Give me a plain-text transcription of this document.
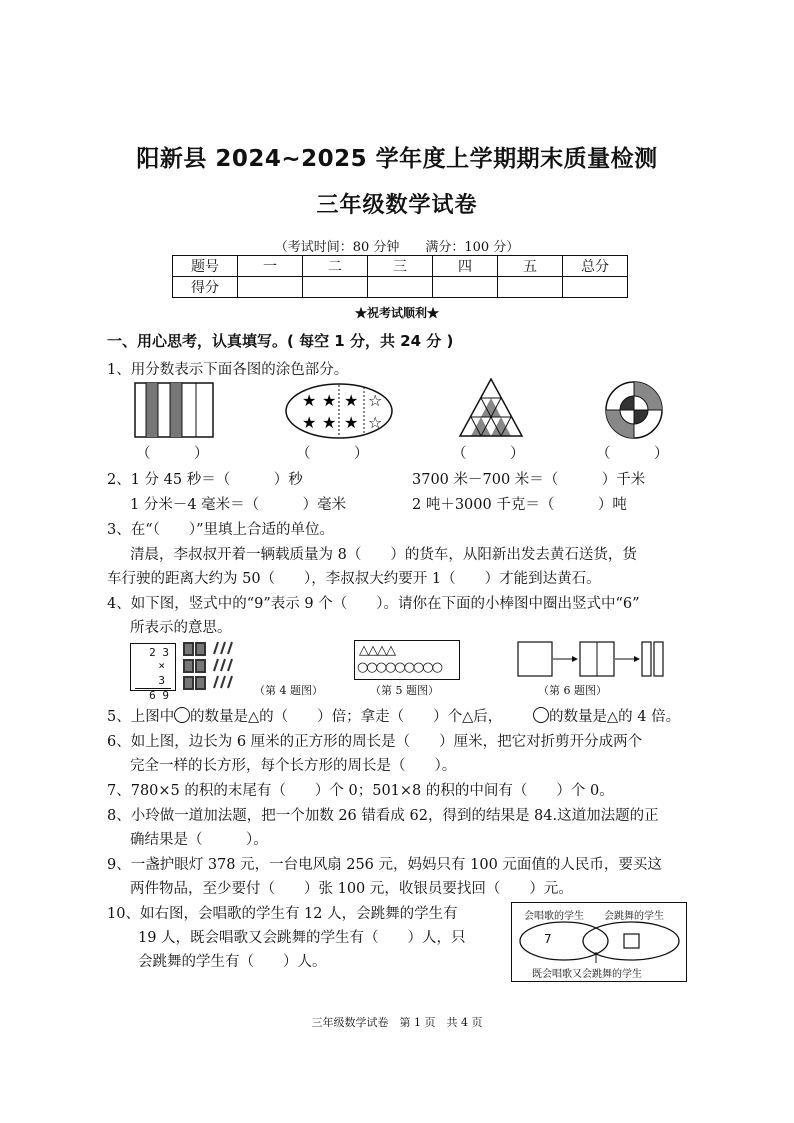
阳新县 2024~2025 学年度上学期期末质量检测
三年级数学试卷
（考试时间：80 分钟　　满分：100 分）
题号	一	二	三	四	五	总分
得分						
★祝考试顺利★
一、用心思考，认真填写。( 每空 1 分，共 24 分 )
1、用分数表示下面各图的涂色部分。
★ ★ ★ ☆
★ ★ ★ ☆
（　　　）	（　　　）	（　　　）	（　　　）
2、1 分 45 秒＝（　　　）秒	3700 米－700 米＝（　　　）千米
1 分米－4 毫米＝（　　　）毫米	2 吨＋3000 千克＝（　　　）吨
3、在“（　　）”里填上合适的单位。
清晨，李叔叔开着一辆载质量为 8（　　）的货车，从阳新出发去黄石送货，货
车行驶的距离大约为 50（　　），李叔叔大约要开 1（　　）才能到达黄石。
4、如下图，竖式中的“9”表示 9 个（　　）。请你在下面的小棒图中圈出竖式中“6”
所表示的意思。
2 3
× 　3
6 9	（第 4 题图）
△△△△
○○○○○○○○○
（第 5 题图）	（第 6 题图）
5、上图中 的数量是△的（　　）倍；拿走（　　）个△后，	的数量是△的 4 倍。
6、如上图，边长为 6 厘米的正方形的周长是（　　）厘米，把它对折剪开分成两个
完全一样的长方形，每个长方形的周长是（　　）。
7、780×5 的积的末尾有（　　）个 0；501×8 的积的中间有（　　）个 0。
8、小玲做一道加法题，把一个加数 26 错看成 62，得到的结果是 84.这道加法题的正
确结果是（　　　）。
9、一盏护眼灯 378 元，一台电风扇 256 元，妈妈只有 100 元面值的人民币，要买这
两件物品，至少要付（　　）张 100 元，收银员要找回（　　）元。
10、如右图，会唱歌的学生有 12 人，会跳舞的学生有
19 人，既会唱歌又会跳舞的学生有（　　）人，只
会跳舞的学生有（　　）人。
会唱歌的学生 会跳舞的学生
7
既会唱歌又会跳舞的学生
三年级数学试卷　第 1 页　共 4 页
